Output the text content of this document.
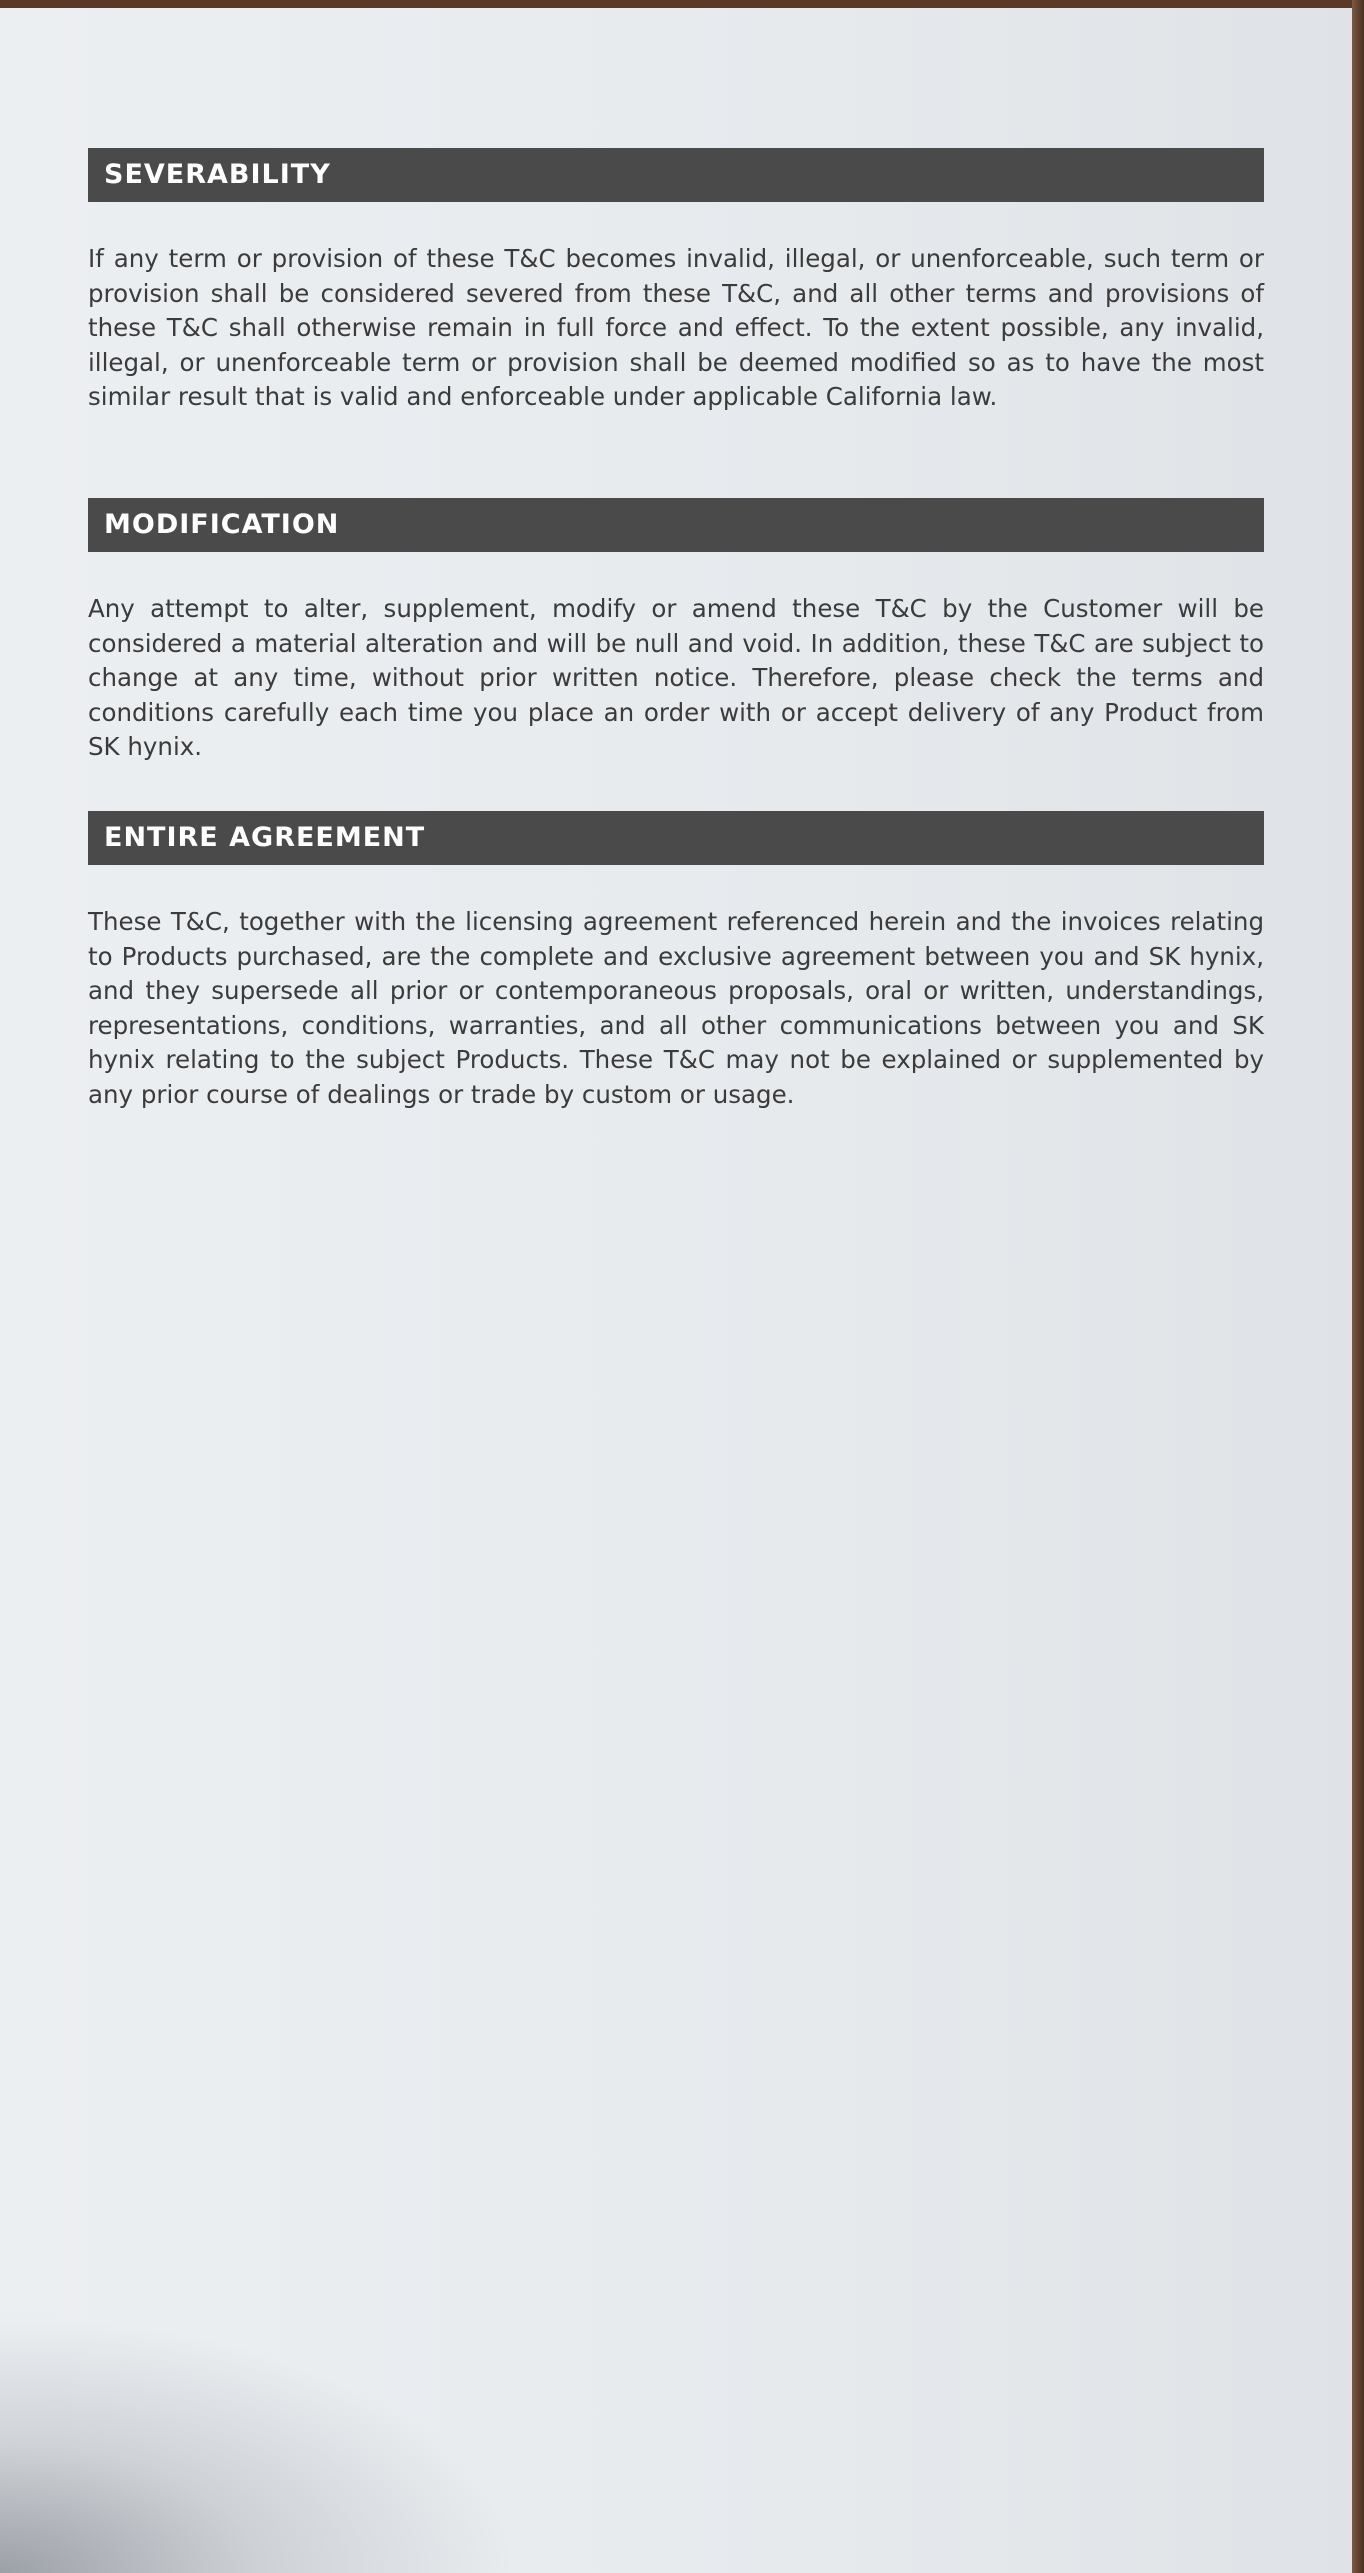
SEVERABILITY
If any term or provision of these T&C becomes invalid, illegal, or unenforceable, such term or provision shall be considered severed from these T&C, and all other terms and provisions of these T&C shall otherwise remain in full force and effect. To the extent possible, any invalid, illegal, or unenforceable term or provision shall be deemed modified so as to have the most similar result that is valid and enforceable under applicable California law.
MODIFICATION
Any attempt to alter, supplement, modify or amend these T&C by the Customer will be considered a material alteration and will be null and void. In addition, these T&C are subject to change at any time, without prior written notice. Therefore, please check the terms and conditions carefully each time you place an order with or accept delivery of any Product from SK hynix.
ENTIRE AGREEMENT
These T&C, together with the licensing agreement referenced herein and the invoices relating to Products purchased, are the complete and exclusive agreement between you and SK hynix, and they supersede all prior or contemporaneous proposals, oral or written, understandings, representations, conditions, warranties, and all other communications between you and SK hynix relating to the subject Products. These T&C may not be explained or supplemented by any prior course of dealings or trade by custom or usage.
